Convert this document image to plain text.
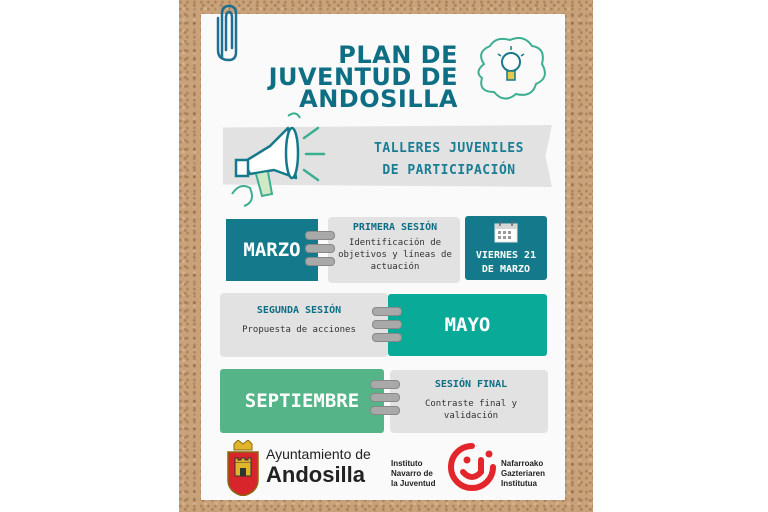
PLAN DE
JUVENTUD DE
ANDOSILLA
TALLERES JUVENILES
DE PARTICIPACIÓN
MARZO
PRIMERA SESIÓN
Identificación de
objetivos y líneas de
actuación
VIERNES 21
DE MARZO
SEGUNDA SESIÓN
Propuesta de acciones	MAYO
SEPTIEMBRE
SESIÓN FINAL
Contraste final y
validación
Ayuntamiento de
Andosilla	Instituto
Navarro de
la Juventud
Nafarroako
Gazteriaren
Institutua
